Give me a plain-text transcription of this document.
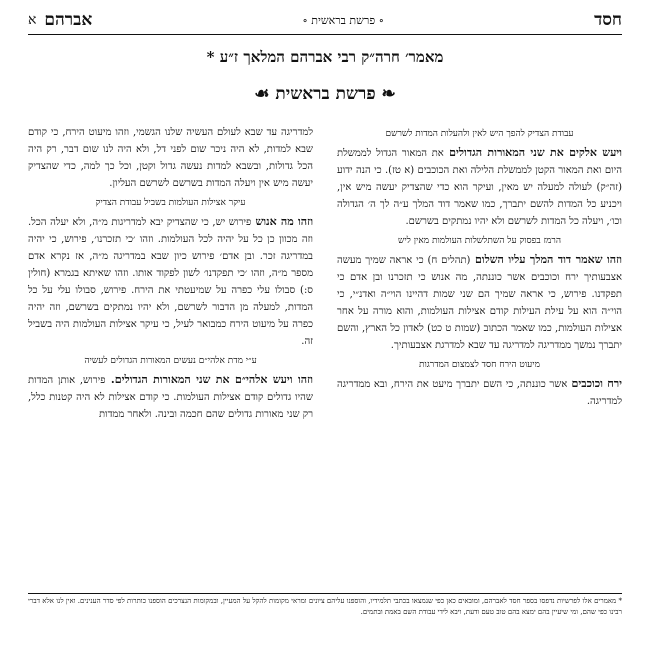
חסד
∘ פרשת בראשית ∘
אברהם
א
מאמר׳ חרה״ק רבי אברהם המלאך ז״ע *
❧ פרשת בראשית ☙
עבודת הצדיק להפך היש לאין ולהעלות המדות לשרשם

ויעש אלקים את שני המאורות הגדולים את המאור הגדול לממשלת היום ואת המאור הקטן לממשלת הלילה ואת הכוכבים (א טז). כי הנה ידוע (זה״ק) לעולה למעלה יש מאין, ועיקר הוא כדי שהצדיק יעשה מיש אין, ויכניע כל המדות להשם יתברך, כמו שאמר דוד המלך ע״ה לך ה׳ הגדולה וכו׳, ויעלה כל המדות לשרשם ולא יהיו נמתקים בשרשם.

הרמז בפסוק על השתלשלות העולמות מאין ליש

וזהו שאמר דוד המלך עליו השלום (תהלים ח) כי אראה שמיך מעשה אצבעותיך ירח וכוכבים אשר כוננתה, מה אנוש כי תזכרנו ובן אדם כי תפקדנו. פירוש, כי אראה שמיך הם שני שמות דהיינו הוי״ה ואדנ״י, כי הוי״ה הוא על עילת העילות קודם אצילות העולמות, והוא מורה על אחר אצילות העולמות, כמו שאמר הכתוב (שמות ט כט) לאדון כל הארץ, והשם יתברך נמשך ממדריגה למדריגה עד שבא למדרגת אצבעותיך.

מיעוט הירח חסד לצמצום המדרגות

ירח וכוכבים אשר כוננתה, כי השם יתברך מיעט את הירח, ובא ממדריגה למדריגה.

למדריגה עד שבא לעולם העשיה שלנו הגשמי, וזהו מיעוט הירח, כי קודם שבא למדות, לא היה ניכר שום לפני דל, ולא היה לנו שום דבר, רק היה הכל גדולות, ובשבא למדות נעשה גדול וקטן, וכל כך למה, כדי שהצדיק יעשה מיש אין ויעלה המדות בשרשם לשרשם העליון.

עיקר אצילות העולמות בשביל עבודת הצדיק

וזהו מה אנוש פירוש יש, כי שהצדיק יבא למדריגות מ״ה, ולא יעלה הכל. וזה מכוון כן כל על יהיה לכל העולמות. וזהו ׳כי תזכרנו׳, פירוש, כי יהיה במדריגה זכר. ובן אדם׳ פירוש כיון שבא במדריגה מ״ה, אז נקרא אדם מספר מ״ה, וזהו ׳כי תפקדנו׳ לשון לפקוד אותו. וזהו שאיתא בגמרא (חולין ס:) סבולו עלי כפרה על שמיעטתי את הירח. פירוש, סבולו עלי על כל המדות, למעלה מן הדבור לשרשם, ולא יהיו נמתקים בשרשם, וזה יהיה כפרה על מיעוט הירח כמבואר לעיל, כי עיקר אצילות העולמות היה בשביל זה.

ע״י מדת אלהי״ם נעשים המאורות הגדולים לעשיה

וזהו ויעש אלהי״ם את שני המאורות הגדולים. פירוש, אותן המדות שהיו גדולים קודם אצילות העולמות. כי קודם אצילות לא היה קטנות כלל, רק שני מאורות גדולים שהם חכמה ובינה. ולאחר ממדות

* מאמרים אלו לפרשיות נדפסו בספר חסד לאברהם, ומובאים כאן כפי שנמצאו בכתבי תלמידיו, והוספנו עליהם ציונים ומראי מקומות להקל על המעיין, ובמקומות הנצרכים הוספנו כותרות לפי סדר הענינים. ואין לנו אלא דברי רבינו כפי שהם, ומי שיעיין בהם ימצא בהם טוב טעם ודעת, ויבא לידי עבודת השם באמת ובתמים.
